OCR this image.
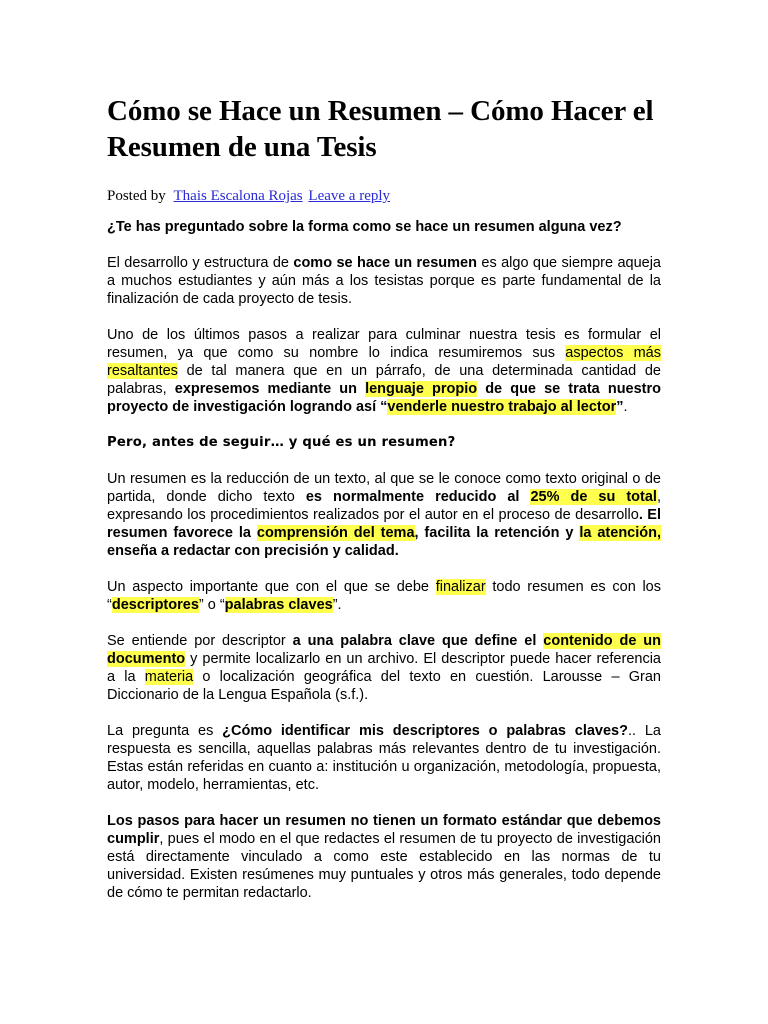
Cómo se Hace un Resumen – Cómo Hacer el Resumen de una Tesis
Posted by Thais Escalona Rojas Leave a reply

¿Te has preguntado sobre la forma como se hace un resumen alguna vez?

El desarrollo y estructura de como se hace un resumen es algo que siempre aqueja a muchos estudiantes y aún más a los tesistas porque es parte fundamental de la finalización de cada proyecto de tesis.

Uno de los últimos pasos a realizar para culminar nuestra tesis es formular el resumen, ya que como su nombre lo indica resumiremos sus aspectos más resaltantes de tal manera que en un párrafo, de una determinada cantidad de palabras, expresemos mediante un lenguaje propio de que se trata nuestro proyecto de investigación logrando así “venderle nuestro trabajo al lector”.

Pero, antes de seguir… y qué es un resumen?

Un resumen es la reducción de un texto, al que se le conoce como texto original o de partida, donde dicho texto es normalmente reducido al 25% de su total, expresando los procedimientos realizados por el autor en el proceso de desarrollo. El resumen favorece la comprensión del tema, facilita la retención y la atención, enseña a redactar con precisión y calidad.

Un aspecto importante que con el que se debe finalizar todo resumen es con los “descriptores” o “palabras claves”.

Se entiende por descriptor a una palabra clave que define el contenido de un documento y permite localizarlo en un archivo. El descriptor puede hacer referencia a la materia o localización geográfica del texto en cuestión. Larousse – Gran Diccionario de la Lengua Española (s.f.).

La pregunta es ¿Cómo identificar mis descriptores o palabras claves?.. La respuesta es sencilla, aquellas palabras más relevantes dentro de tu investigación. Estas están referidas en cuanto a: institución u organización, metodología, propuesta, autor, modelo, herramientas, etc.

Los pasos para hacer un resumen no tienen un formato estándar que debemos cumplir, pues el modo en el que redactes el resumen de tu proyecto de investigación está directamente vinculado a como este establecido en las normas de tu universidad. Existen resúmenes muy puntuales y otros más generales, todo depende de cómo te permitan redactarlo.
